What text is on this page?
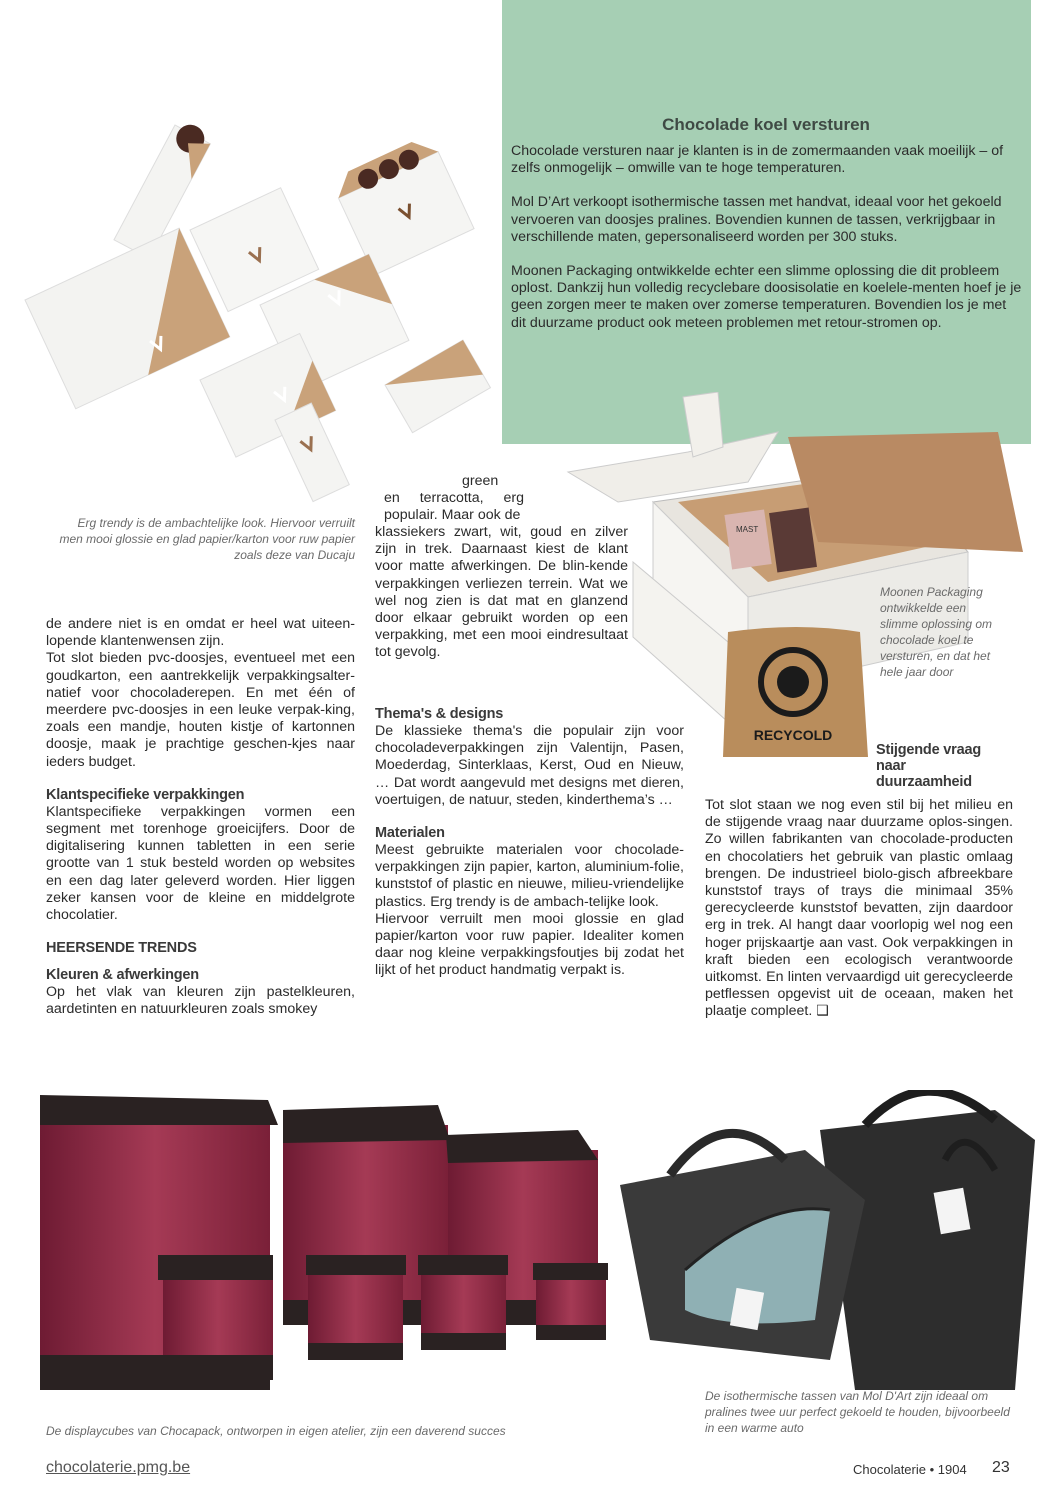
Chocolade koel versturen

Chocolade versturen naar je klanten is in de zomermaanden vaak moeilijk – of zelfs onmogelijk – omwille van te hoge temperaturen.

Mol D’Art verkoopt isothermische tassen met handvat, ideaal voor het gekoeld vervoeren van doosjes pralines. Bovendien kunnen de tassen, verkrijgbaar in verschillende maten, gepersonaliseerd worden per 300 stuks.

Moonen Packaging ontwikkelde echter een slimme oplossing die dit probleem oplost. Dankzij hun volledig recyclebare doosisolatie en koelele-menten hoef je je geen zorgen meer te maken over zomerse temperaturen. Bovendien los je met dit duurzame product ook meteen problemen met retour-stromen op.

MAST
RECYCOLD
Erg trendy is de ambachtelijke look. Hiervoor verruilt men mooi glossie en glad papier/karton voor ruw papier zoals deze van Ducaju
Moonen Packaging ontwikkelde een slimme oplossing om chocolade koel te versturen, en dat het hele jaar door

de andere niet is en omdat er heel wat uiteen-lopende klantenwensen zijn.

Tot slot bieden pvc-doosjes, eventueel met een goudkarton, een aantrekkelijk verpakkingsalter-natief voor chocoladerepen. En met één of meerdere pvc-doosjes in een leuke verpak-king, zoals een mandje, houten kistje of kartonnen doosje, maak je prachtige geschen-kjes naar ieders budget.

Klantspecifieke verpakkingen

Klantspecifieke verpakkingen vormen een segment met torenhoge groeicijfers. Door de digitalisering kunnen tabletten in een serie grootte van 1 stuk besteld worden op websites en een dag later geleverd worden. Hier liggen zeker kansen voor de kleine en middelgrote chocolatier.

HEERSENDE TRENDS
Kleuren & afwerkingen

Op het vlak van kleuren zijn pastelkleuren, aardetinten en natuurkleuren zoals smokey

green
en terracotta, erg
populair. Maar ook de

klassiekers zwart, wit, goud en zilver zijn in trek. Daarnaast kiest de klant voor matte afwerkingen. De blin-kende verpakkingen verliezen terrein. Wat we wel nog zien is dat mat en glanzend door elkaar gebruikt worden op een verpakking, met een mooi eindresultaat tot gevolg.

Thema's & designs

De klassieke thema's die populair zijn voor chocoladeverpakkingen zijn Valentijn, Pasen, Moederdag, Sinterklaas, Kerst, Oud en Nieuw, … Dat wordt aangevuld met designs met dieren, voertuigen, de natuur, steden, kinderthema’s …

Materialen

Meest gebruikte materialen voor chocolade-verpakkingen zijn papier, karton, aluminium-folie, kunststof of plastic en nieuwe, milieu-vriendelijke plastics. Erg trendy is de ambach-telijke look.

Hiervoor verruilt men mooi glossie en glad papier/karton voor ruw papier. Idealiter komen daar nog kleine verpakkingsfoutjes bij zodat het lijkt of het product handmatig verpakt is.

Stijgende vraag naar duurzaamheid

Tot slot staan we nog even stil bij het milieu en de stijgende vraag naar duurzame oplos-singen. Zo willen fabrikanten van chocolade-producten en chocolatiers het gebruik van plastic omlaag brengen. De industrieel biolo-gisch afbreekbare kunststof trays of trays die minimaal 35% gerecycleerde kunststof bevatten, zijn daardoor erg in trek. Al hangt daar voorlopig wel nog een hoger prijskaartje aan vast. Ook verpakkingen in kraft bieden een ecologisch verantwoorde uitkomst. En linten vervaardigd uit gerecycleerde petflessen opgevist uit de oceaan, maken het plaatje compleet. ❑

De displaycubes van Chocapack, ontworpen in eigen atelier, zijn een daverend succes
De isothermische tassen van Mol D'Art zijn ideaal om pralines twee uur perfect gekoeld te houden, bijvoorbeeld in een warme auto
chocolaterie.pmg.be	Chocolaterie • 1904 23
